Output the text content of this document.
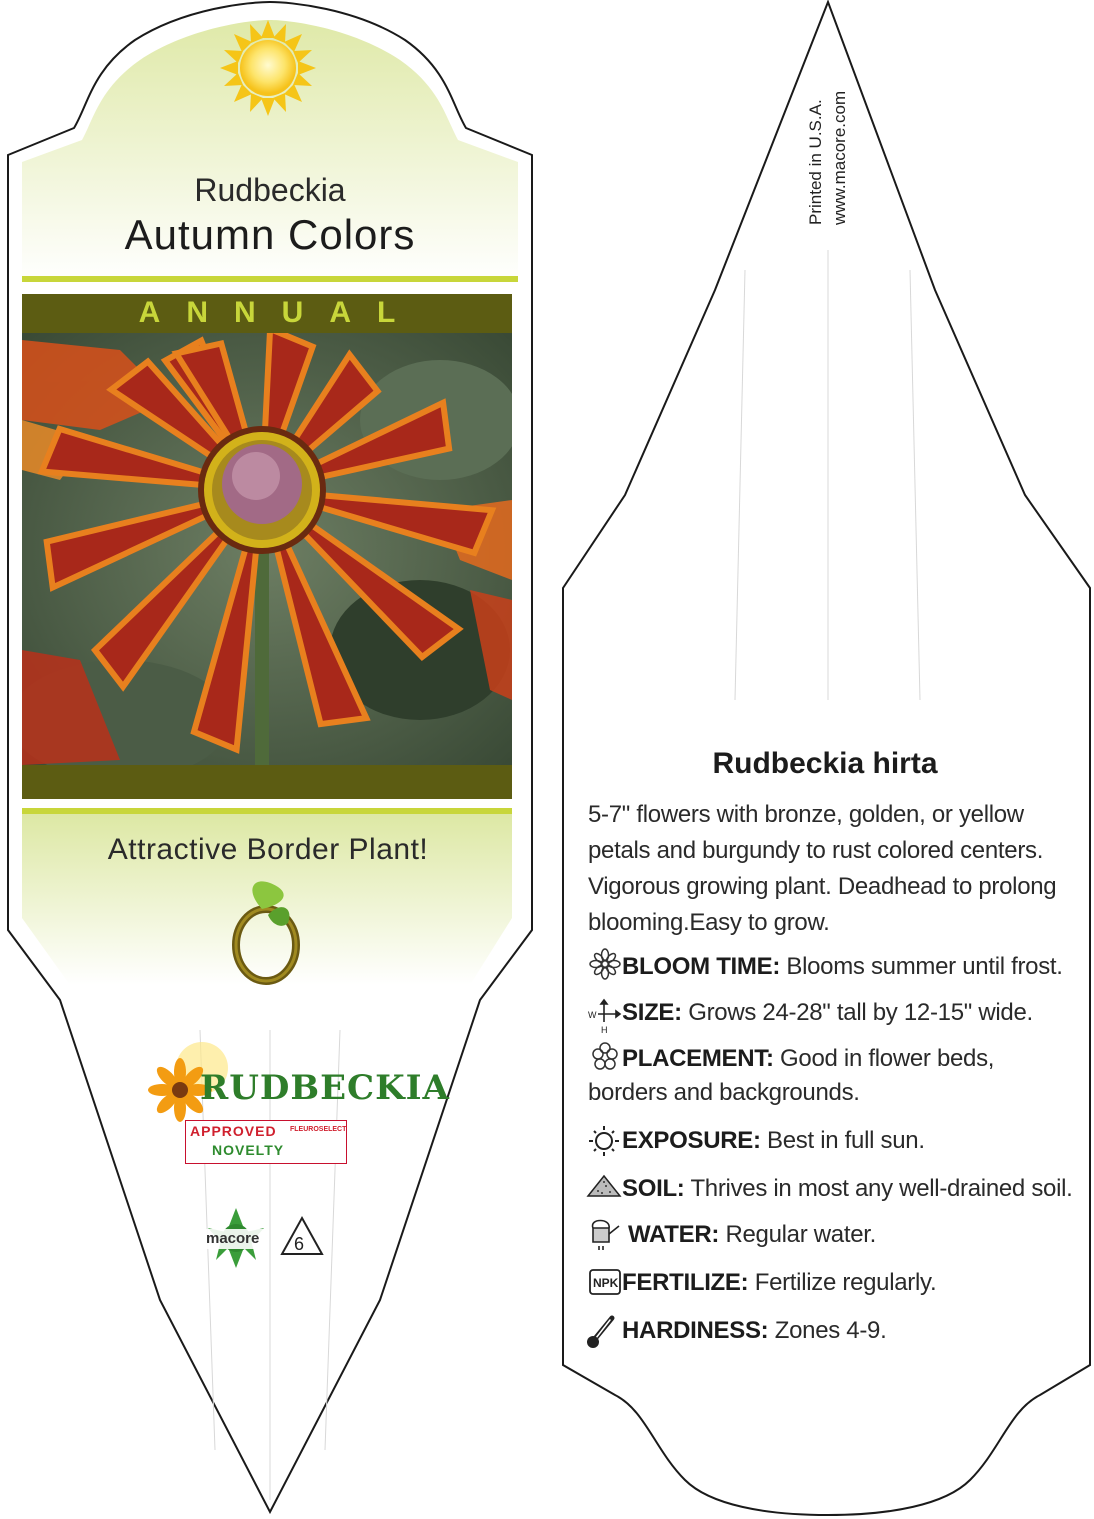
W
H
NPK
Rudbeckia
Autumn Colors
ANNUAL
Attractive Border Plant!
RUDBECKIA
APPROVED
NOVELTY
FLEUROSELECT
macore 6
Printed in U.S.A. www.macore.com
Rudbeckia hirta
5-7" flowers with bronze, golden, or yellow petals and burgundy to rust colored centers. Vigorous growing plant. Deadhead to prolong blooming.Easy to grow.
BLOOM TIME: Blooms summer until frost.
SIZE: Grows 24-28" tall by 12-15" wide.
PLACEMENT: Good in flower beds, borders and backgrounds.
EXPOSURE: Best in full sun.
SOIL: Thrives in most any well-drained soil.
WATER: Regular water.
FERTILIZE: Fertilize regularly.
HARDINESS: Zones 4-9.
